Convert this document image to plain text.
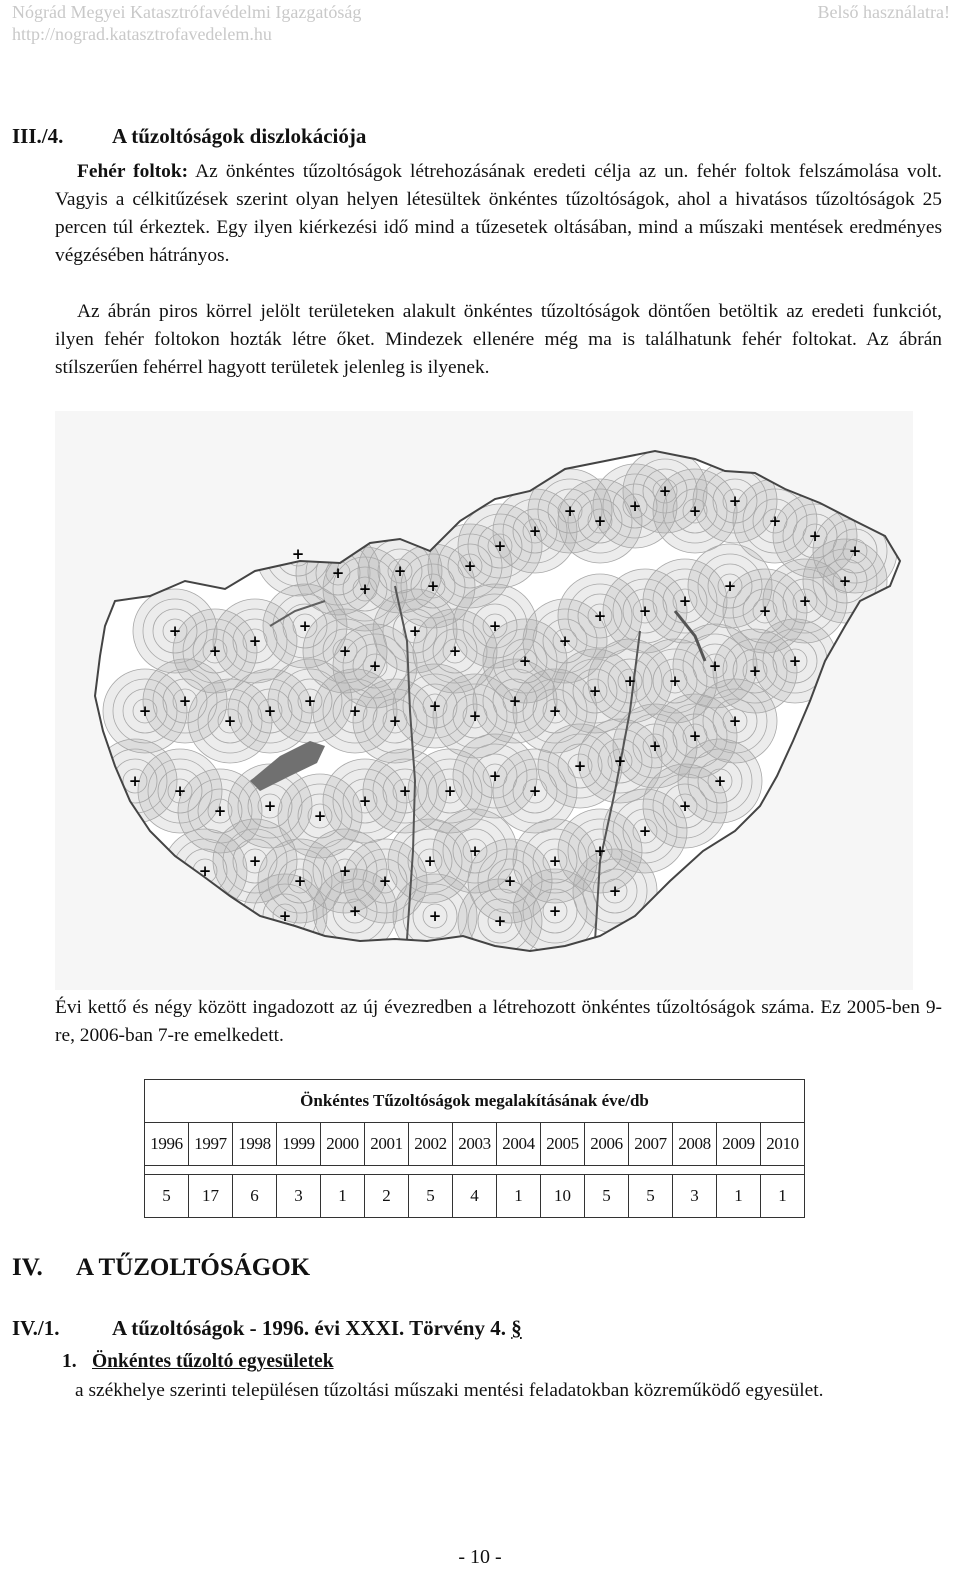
Nógrád Megyei Katasztrófavédelmi Igazgatóság
http://nograd.katasztrofavedelem.hu
Belső használatra!
III./4. A tűzoltóságok diszlokációja

Fehér foltok: Az önkéntes tűzoltóságok létrehozásának eredeti célja az un. fehér foltok felszámolása volt. Vagyis a célkitűzések szerint olyan helyen létesültek önkéntes tűzoltóságok, ahol a hivatásos tűzoltóságok 25 percen túl érkeztek. Egy ilyen kiérkezési idő mind a tűzesetek oltásában, mind a műszaki mentések eredményes végzésében hátrányos.

Az ábrán piros körrel jelölt területeken alakult önkéntes tűzoltóságok döntően betöltik az eredeti funkciót, ilyen fehér foltokon hozták létre őket. Mindezek ellenére még ma is találhatunk fehér foltokat. Az ábrán stílszerűen fehérrel hagyott területek jelenleg is ilyenek.

+
+
+
+
+
+
+
+
+
+
+
+
+
+
+
+
+
+
+
+
+
+
+
+
+
+
+
+
+ +
+
+
+
+
+
+
+
+
+
+
+
+
+
+
+
+
+
+ +
+ +
+
+
+
+ +
+
+
+ +
+
+
+ +
+
+
+
+
+
+
+
+
+
+
+
+
+
+
+
+
+	+	+	+
+
+

Évi kettő és négy között ingadozott az új évezredben a létrehozott önkéntes tűzoltóságok száma. Ez 2005-ben 9-re, 2006-ban 7-re emelkedett.

Önkéntes Tűzoltóságok megalakításának éve/db														
1996	1997	1998	1999	2000	2001	2002	2003	2004	2005	2006	2007	2008	2009	2010

5	17	6	3	1	2	5	4	1	10	5	5	3	1	1
IV. A TŰZOLTÓSÁGOK
IV./1.	A tűzoltóságok - 1996. évi XXXI. Törvény 4. §
1. Önkéntes tűzoltó egyesületek

a székhelye szerinti településen tűzoltási műszaki mentési feladatokban közreműködő egyesület.

- 10 -
